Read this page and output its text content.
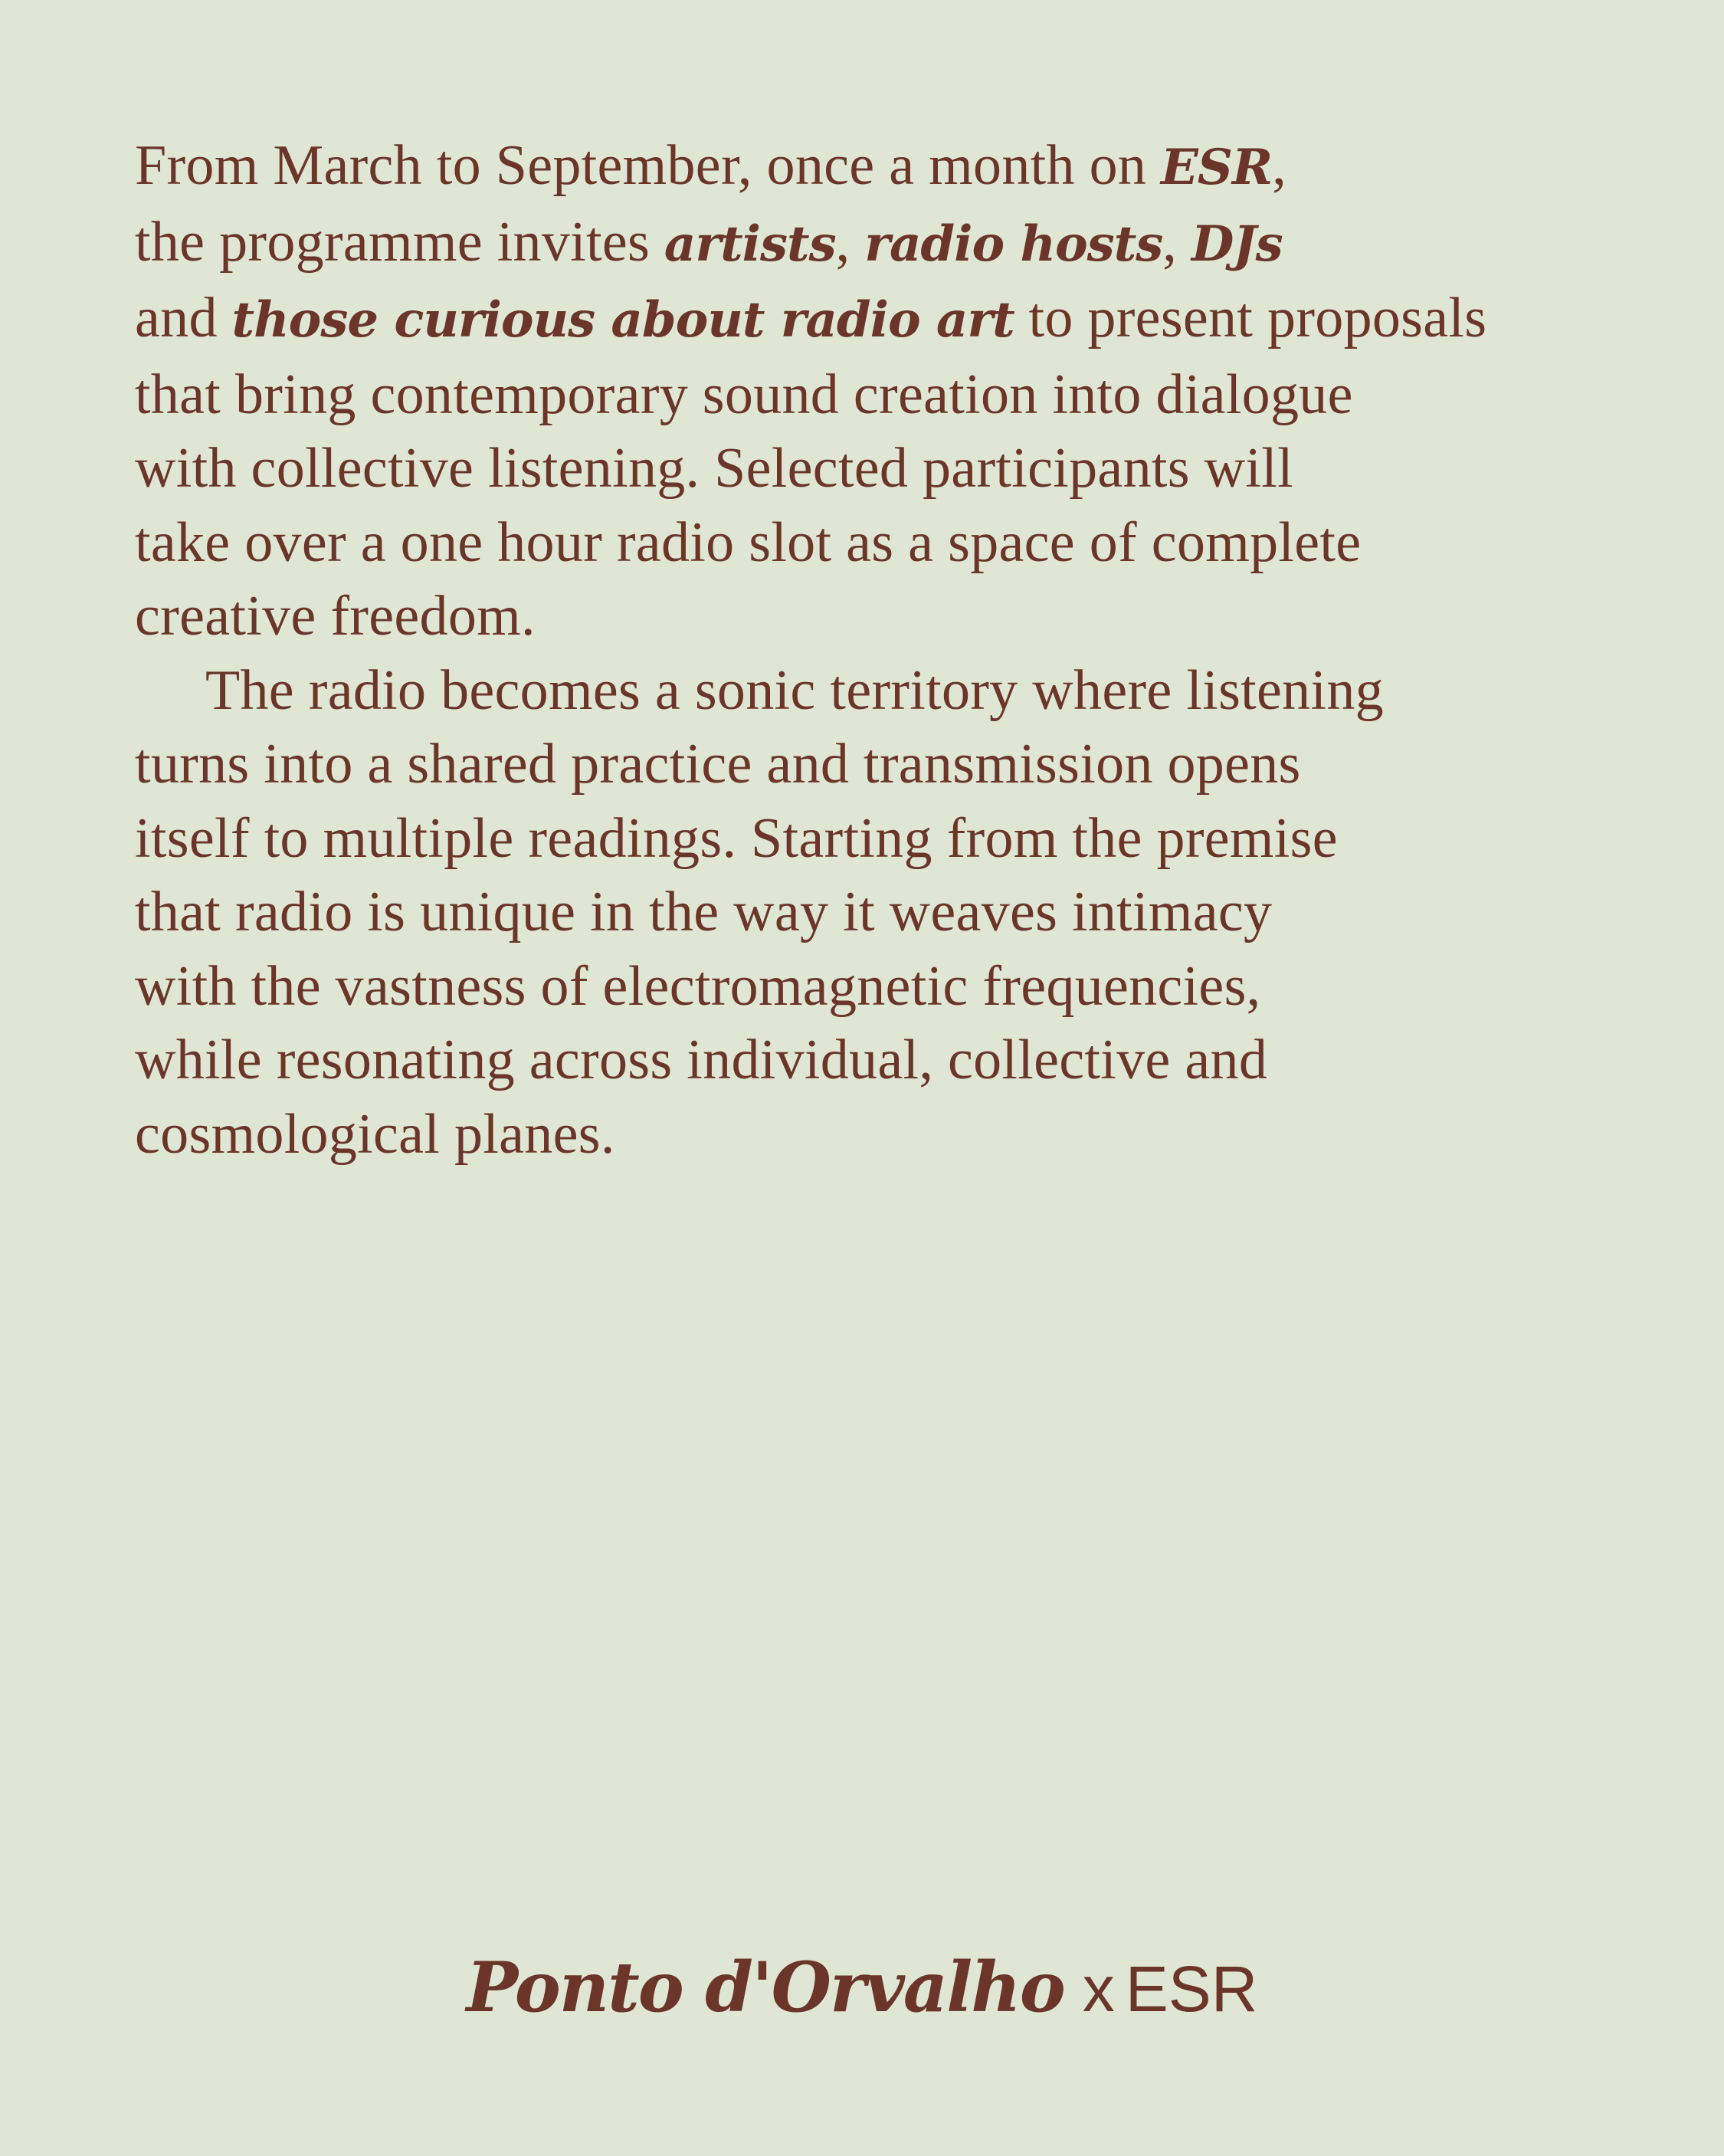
From March to September, once a month on ESR,
the programme invites artists, radio hosts, DJs
and those curious about radio art to present proposals
that bring contemporary sound creation into dialogue
with collective listening. Selected participants will
take over a one hour radio slot as a space of complete
creative freedom.
The radio becomes a sonic territory where listening
turns into a shared practice and transmission opens
itself to multiple readings. Starting from the premise
that radio is unique in the way it weaves intimacy
with the vastness of electromagnetic frequencies,
while resonating across individual, collective and
cosmological planes.
Ponto d'Orvalho x ESR
